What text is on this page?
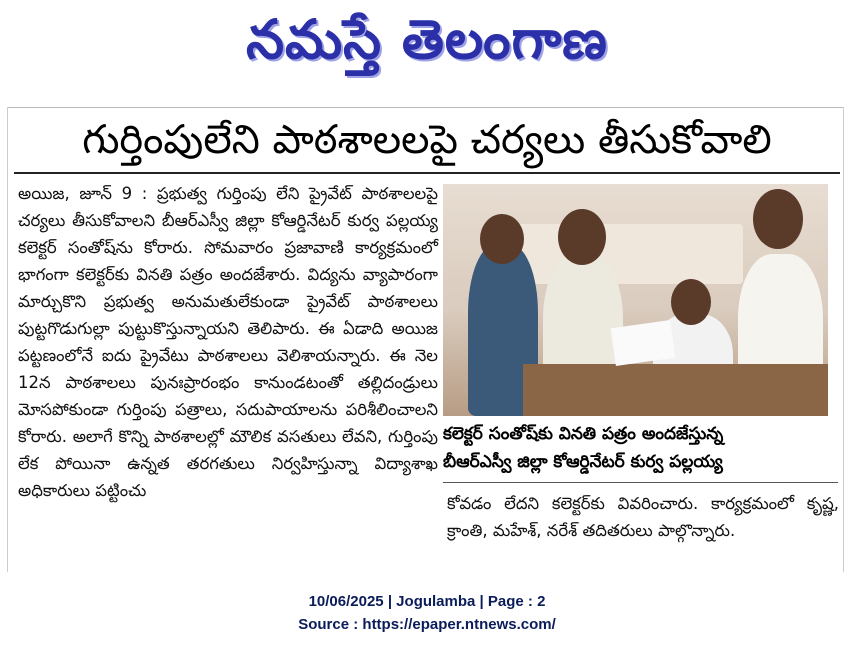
నమస్తే తెలంగాణ
గుర్తింపులేని పాఠశాలలపై చర్యలు తీసుకోవాలి

అయిజ, జూన్ 9 : ప్రభుత్వ గుర్తింపు లేని ప్రైవేట్ పాఠశాలలపై చర్యలు తీసుకోవాలని బీఆర్ఎస్వీ జిల్లా కోఆర్డినేటర్ కుర్వ పల్లయ్య కలెక్టర్ సంతోష్‌ను కోరారు. సోమవారం ప్రజావాణి కార్యక్రమంలో భాగంగా కలెక్టర్‌కు వినతి పత్రం అందజేశారు. విద్యను వ్యాపారంగా మార్చుకొని ప్రభుత్వ అనుమతులేకుండా ప్రైవేట్ పాఠశాలలు పుట్టగొడుగుల్లా పుట్టుకొస్తున్నాయని తెలిపారు. ఈ ఏడాది అయిజ పట్టణంలోనే ఐదు ప్రైవేటు పాఠశాలలు వెలిశాయన్నారు. ఈ నెల 12న పాఠశాలలు పునఃప్రారంభం కానుండటంతో తల్లిదండ్రులు మోసపోకుండా గుర్తింపు పత్రాలు, సదుపాయాలను పరిశీలించాలని కోరారు. అలాగే కొన్ని పాఠశాలల్లో మౌలిక వసతులు లేవని, గుర్తింపు లేక పోయినా ఉన్నత తరగతులు నిర్వహిస్తున్నా విద్యాశాఖ అధికారులు పట్టించు

కలెక్టర్ సంతోష్‌కు వినతి పత్రం అందజేస్తున్న
బీఆర్ఎస్వీ జిల్లా కోఆర్డినేటర్ కుర్వ పల్లయ్య

కోవడం లేదని కలెక్టర్‌కు వివరించారు. కార్యక్రమంలో కృష్ణ, క్రాంతి, మహేశ్, నరేశ్ తదితరులు పాల్గొన్నారు.

10/06/2025 | Jogulamba | Page : 2
Source : https://epaper.ntnews.com/
